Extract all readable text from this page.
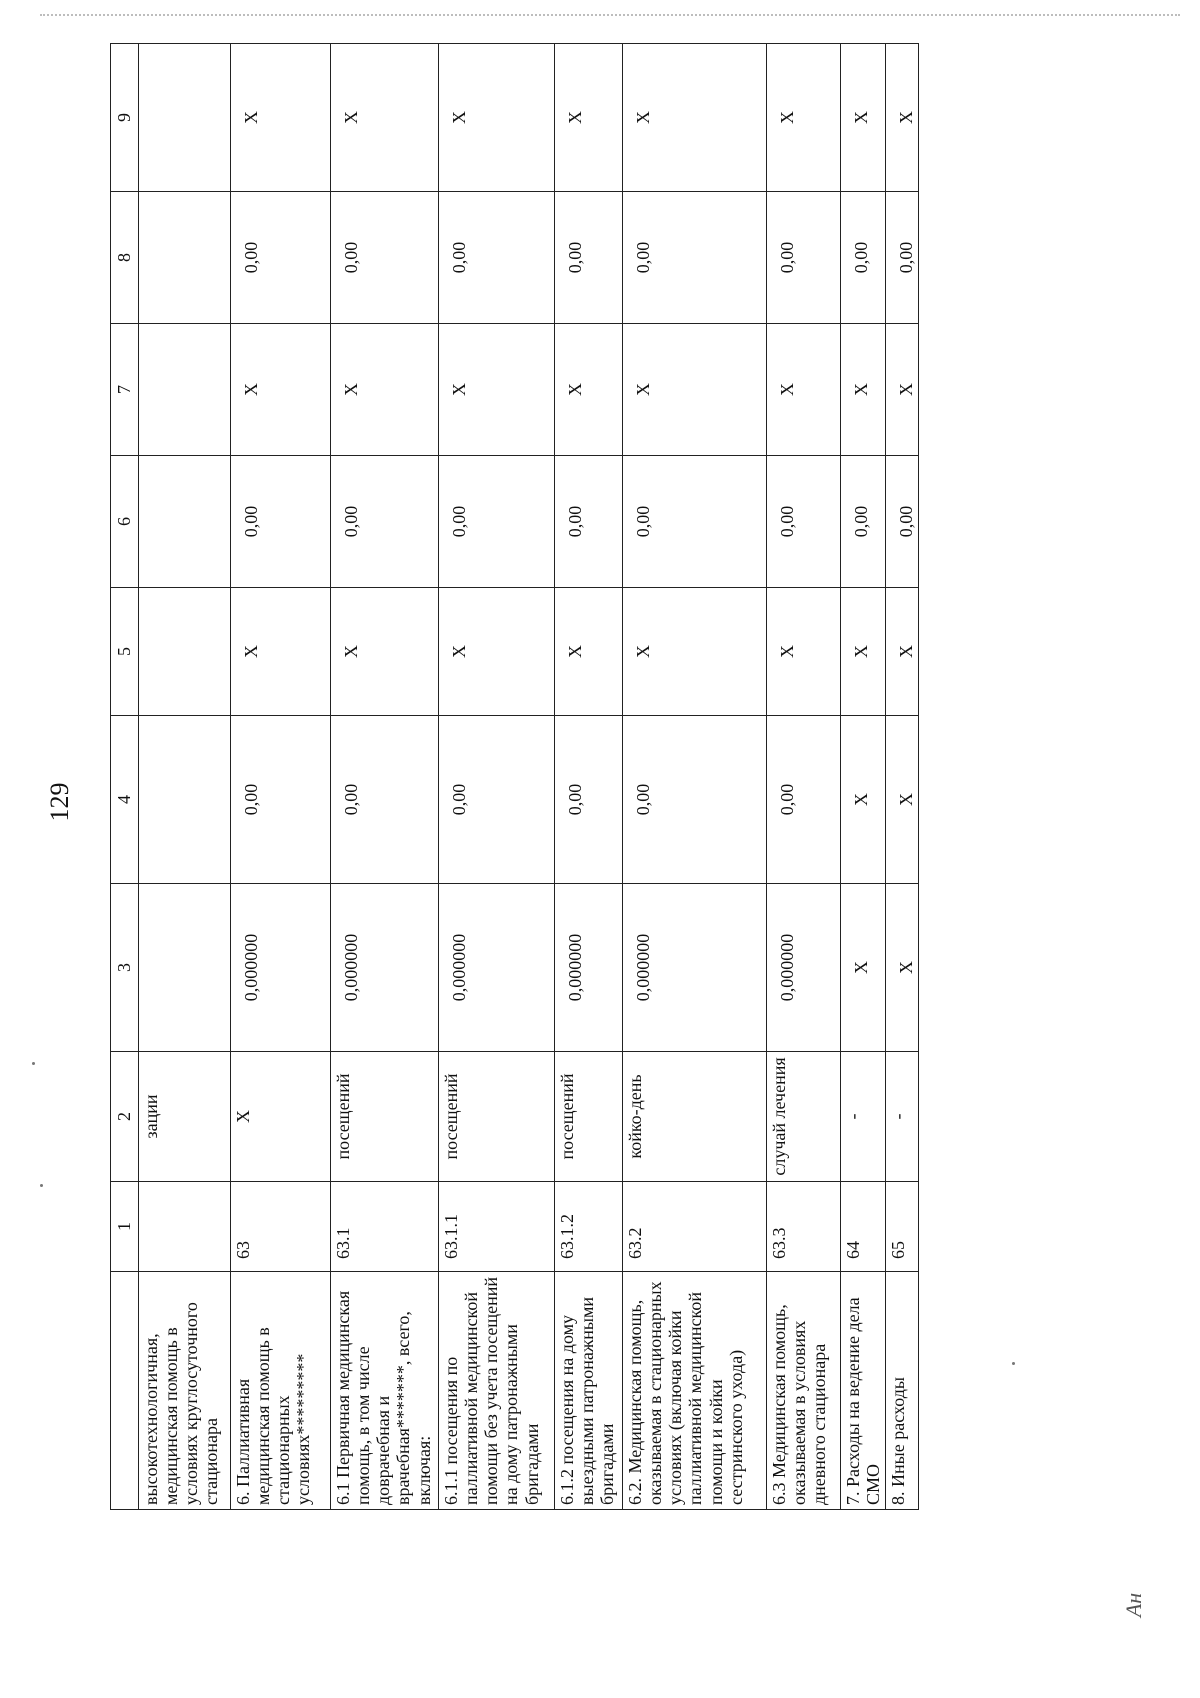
129
	1	2	3	4	5	6	7	8	9
высокотехнологичная, медицинская помощь в условиях круглосуточного стационара		зации							
6. Паллиативная медицинская помощь в стационарных условиях*********	63	X	0,000000	0,00	X	0,00	X	0,00	X
6.1 Первичная медицинская помощь, в том числе доврачебная и врачебная*******, всего, включая:	63.1	посещений	0,000000	0,00	X	0,00	X	0,00	X
6.1.1 посещения по паллиативной медицинской помощи без учета посещений на дому патронажными бригадами	63.1.1	посещений	0,000000	0,00	X	0,00	X	0,00	X
6.1.2 посещения на дому выездными патронажными бригадами	63.1.2	посещений	0,000000	0,00	X	0,00	X	0,00	X
6.2. Медицинская помощь, оказываемая в стационарных условиях (включая койки паллиативной медицинской помощи и койки сестринского ухода)	63.2	койко-день	0,000000	0,00	X	0,00	X	0,00	X
6.3 Медицинская помощь, оказываемая в условиях дневного стационара	63.3	случай лечения	0,000000	0,00	X	0,00	X	0,00	X
7. Расходы на ведение дела СМО	64	-	X	X	X	0,00	X	0,00	X
8. Иные расходы	65	-	X	X	X	0,00	X	0,00	X
Ан
